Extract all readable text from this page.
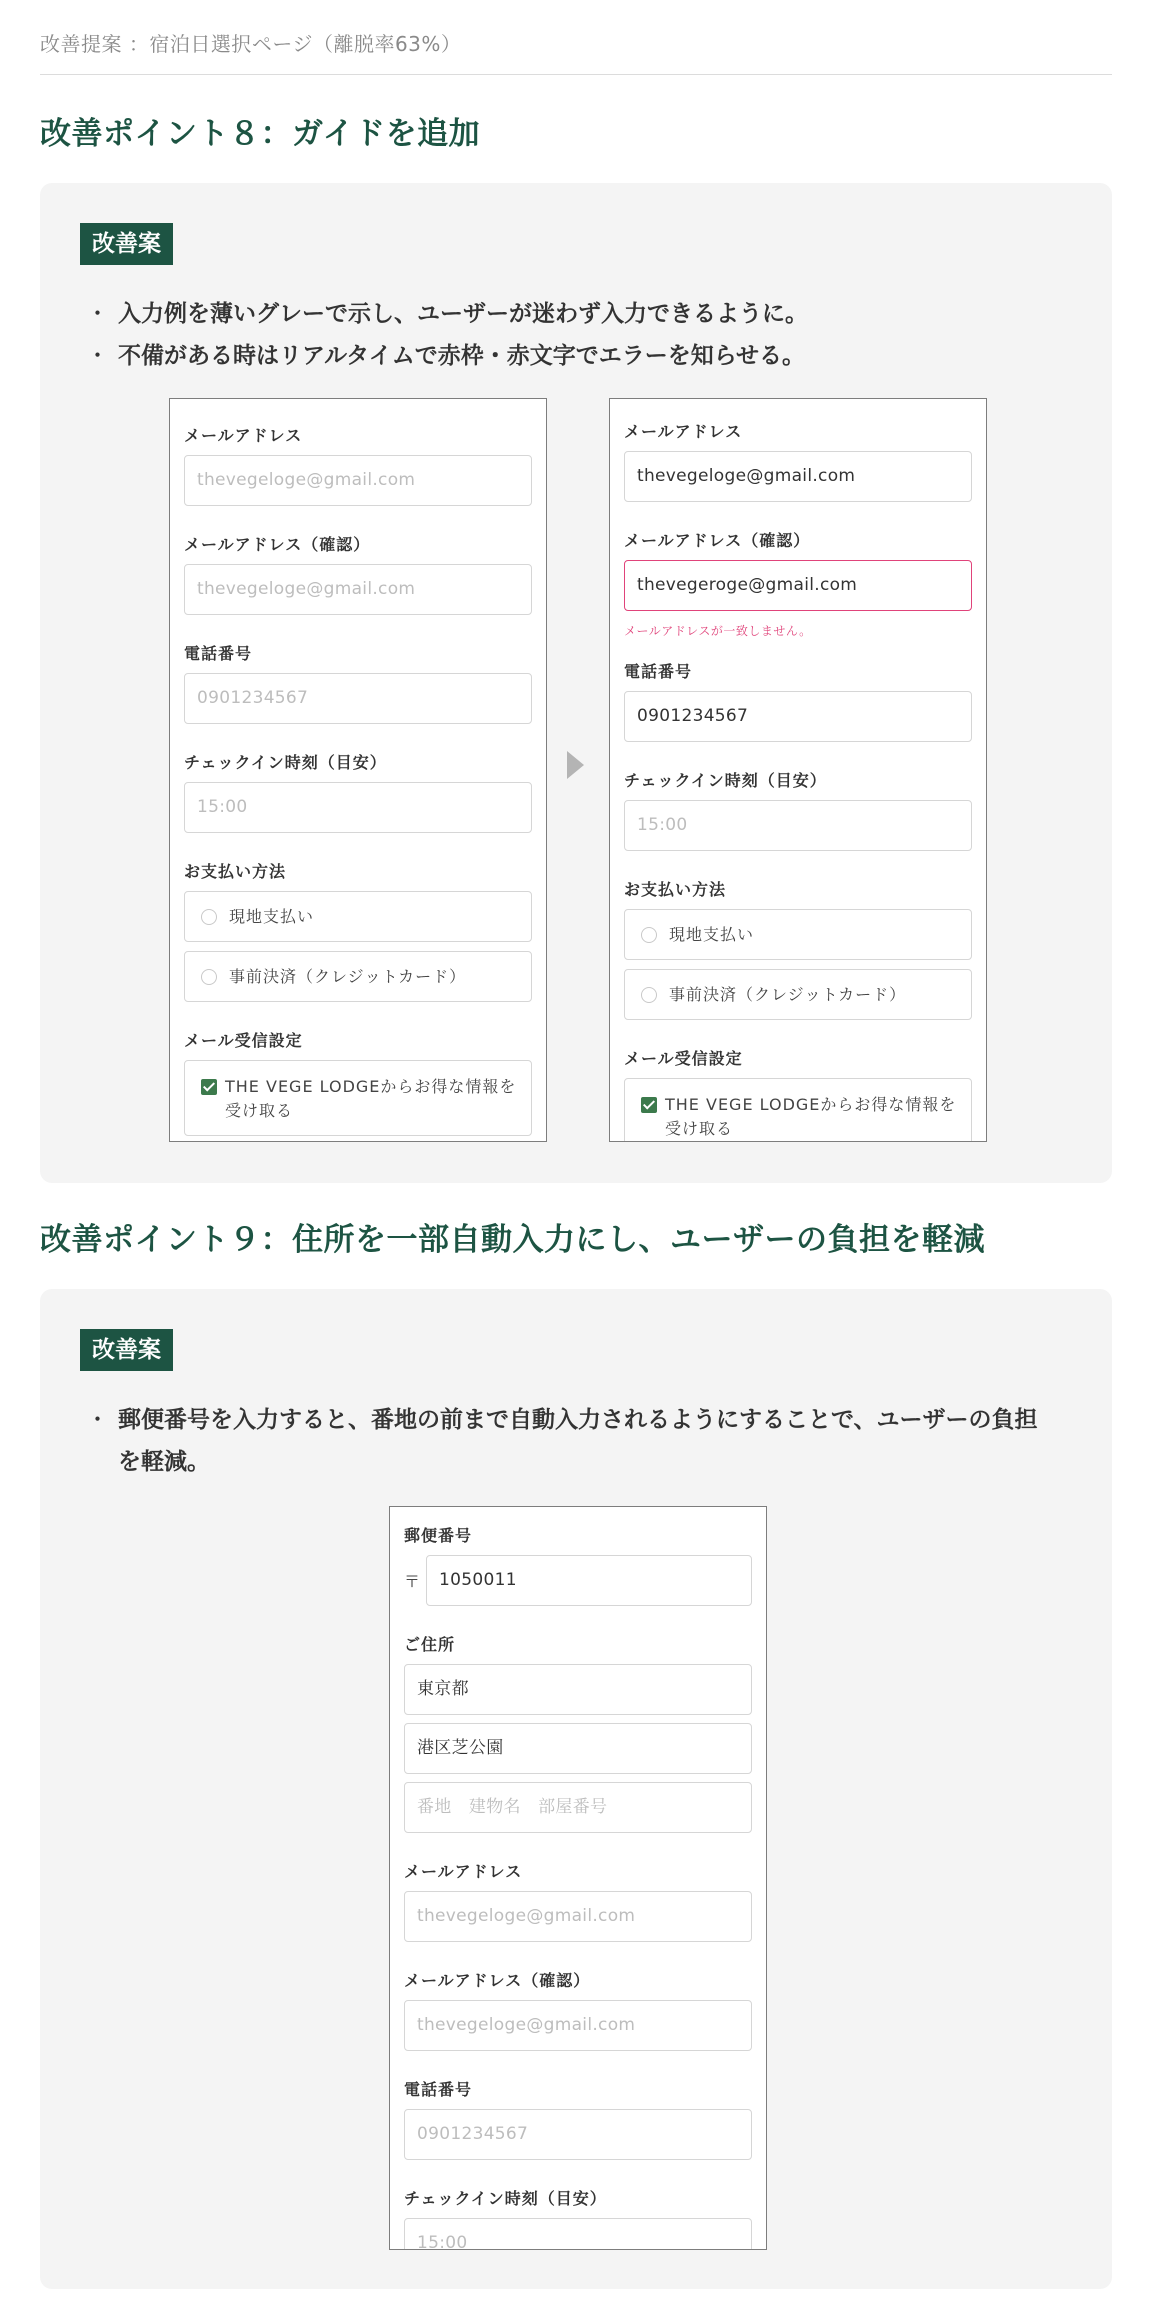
改善提案 ：宿泊日選択ページ（離脱率63%）
改善ポイント８：ガイドを追加
改善案
・ 入力例を薄いグレーで示し、ユーザーが迷わず入力できるように。
・ 不備がある時はリアルタイムで赤枠・赤文字でエラーを知らせる。
メールアドレス
thevegeloge@gmail.com
メールアドレス（確認）
thevegeloge@gmail.com
電話番号
0901234567
チェックイン時刻（目安）
15:00
お支払い方法
現地支払い
事前決済（クレジットカード）
メール受信設定
THE VEGE LODGEからお得な情報を受け取る
メールアドレス
thevegeloge@gmail.com
メールアドレス（確認）
thevegeroge@gmail.com
メールアドレスが一致しません。
電話番号
0901234567
チェックイン時刻（目安）
15:00
お支払い方法
現地支払い
事前決済（クレジットカード）
メール受信設定
THE VEGE LODGEからお得な情報を受け取る
改善ポイント９：住所を一部自動入力にし、ユーザーの負担を軽減
改善案
・ 郵便番号を入力すると、番地の前まで自動入力されるようにすることで、ユーザーの負担を軽減。
郵便番号
〒	1050011
ご住所
東京都
港区芝公園
番地　建物名　部屋番号
メールアドレス
thevegeloge@gmail.com
メールアドレス（確認）
thevegeloge@gmail.com
電話番号
0901234567
チェックイン時刻（目安）
15:00
